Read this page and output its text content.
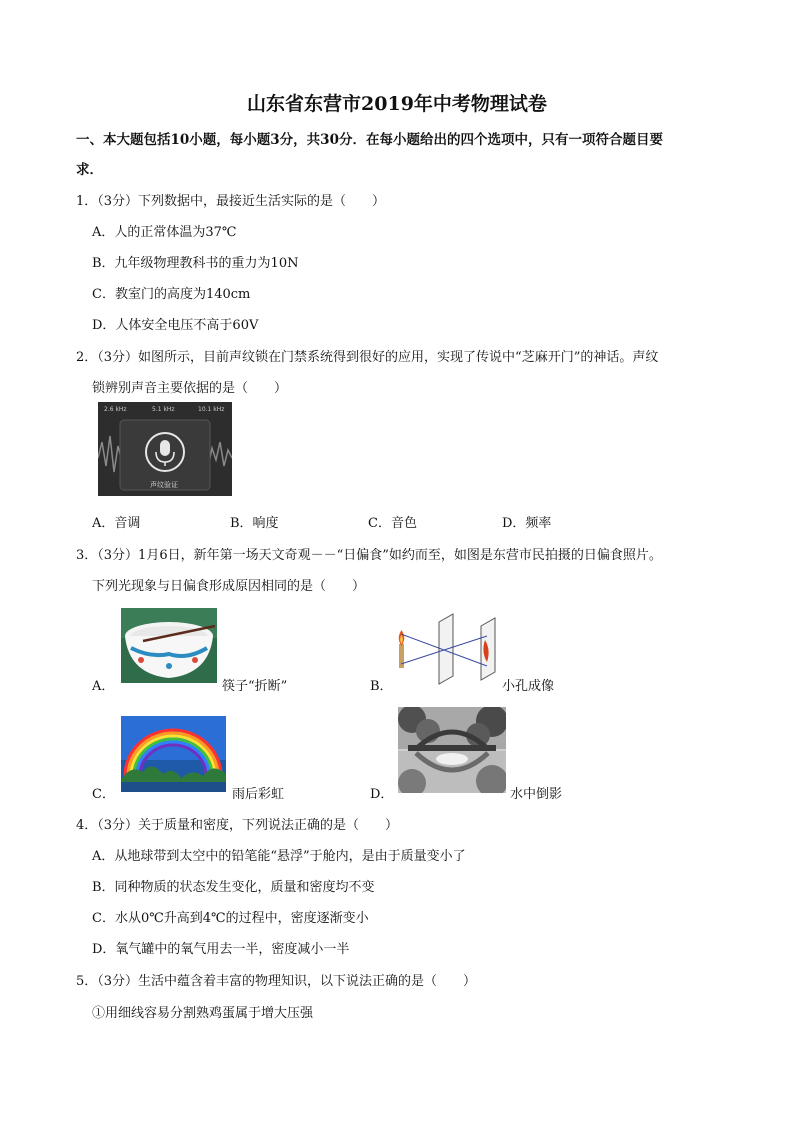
山东省东营市2019年中考物理试卷
一、本大题包括10小题，每小题3分，共30分．在每小题给出的四个选项中，只有一项符合题目要
求．
1．（3分）下列数据中，最接近生活实际的是（　　）
A．人的正常体温为37℃
B．九年级物理教科书的重力为10N
C．教室门的高度为140cm
D．人体安全电压不高于60V
2．（3分）如图所示，目前声纹锁在门禁系统得到很好的应用，实现了传说中“芝麻开门”的神话。声纹
锁辨别声音主要依据的是（　　）
2.6 kHz	5.1 kHz	10.1 kHz
声纹验证
A．音调	B．响度	C．音色	D．频率
3．（3分）1月6日，新年第一场天文奇观－－“日偏食”如约而至，如图是东营市民拍摄的日偏食照片。
下列光现象与日偏食形成原因相同的是（　　）
A．	筷子“折断”	B．	小孔成像
C．	雨后彩虹	D．	水中倒影
4．（3分）关于质量和密度，下列说法正确的是（　　）
A．从地球带到太空中的铅笔能“悬浮”于舱内，是由于质量变小了
B．同种物质的状态发生变化，质量和密度均不变
C．水从0℃升高到4℃的过程中，密度逐渐变小
D．氧气罐中的氧气用去一半，密度减小一半
5．（3分）生活中蕴含着丰富的物理知识，以下说法正确的是（　　）
①用细线容易分割熟鸡蛋属于增大压强
